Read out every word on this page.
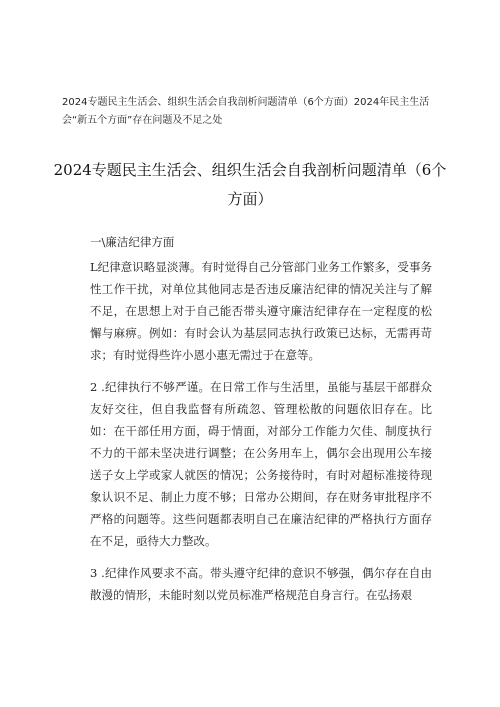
2024专题民主生活会、组织生活会自我剖析问题清单（6个方面）2024年民主生活会“新五个方面”存在问题及不足之处
2024专题民主生活会、组织生活会自我剖析问题清单（6个方面）
一\廉洁纪律方面

L纪律意识略显淡薄。有时觉得自己分管部门业务工作繁多，受事务性工作干扰，对单位其他同志是否违反廉洁纪律的情况关注与了解不足，在思想上对于自己能否带头遵守廉洁纪律存在一定程度的松懈与麻痹。例如：有时会认为基层同志执行政策已达标，无需再苛求；有时觉得些许小恩小惠无需过于在意等。

2 .纪律执行不够严谨。在日常工作与生活里，虽能与基层干部群众友好交往，但自我监督有所疏忽、管理松散的问题依旧存在。比如：在干部任用方面，碍于情面，对部分工作能力欠佳、制度执行不力的干部未坚决进行调整；在公务用车上，偶尔会出现用公车接送子女上学或家人就医的情况；公务接待时，有时对超标准接待现象认识不足、制止力度不够；日常办公期间，存在财务审批程序不严格的问题等。这些问题都表明自己在廉洁纪律的严格执行方面存在不足，亟待大力整改。

3 .纪律作风要求不高。带头遵守纪律的意识不够强，偶尔存在自由散漫的情形，未能时刻以党员标准严格规范自身言行。在弘扬艰
